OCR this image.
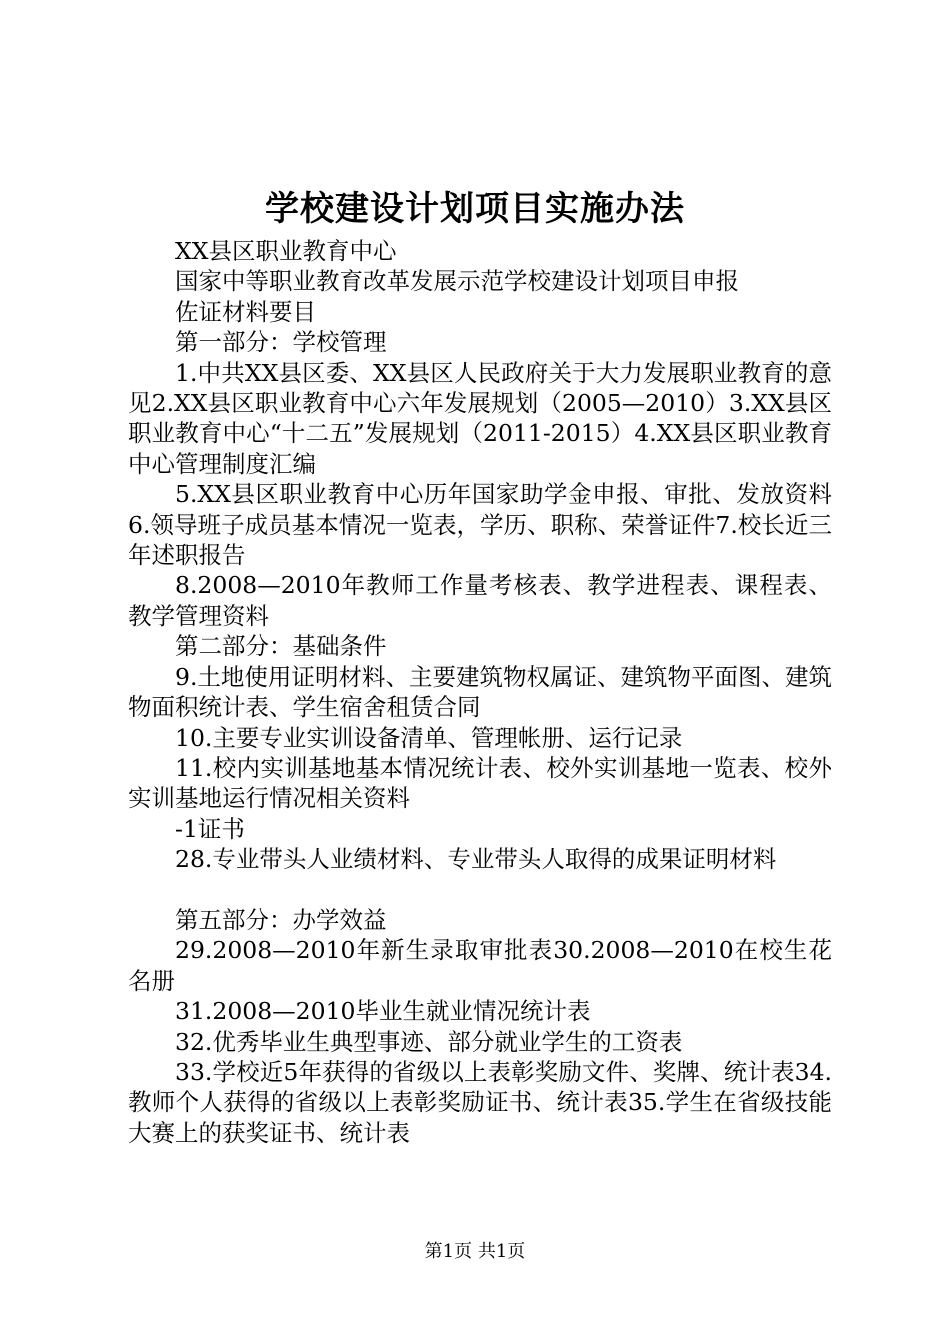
学校建设计划项目实施办法

XX县区职业教育中心

国家中等职业教育改革发展示范学校建设计划项目申报

佐证材料要目

第一部分：学校管理

1.中共XX县区委、XX县区人民政府关于大力发展职业教育的意见2.XX县区职业教育中心六年发展规划（2005—2010）3.XX县区职业教育中心“十二五”发展规划（2011-2015）4.XX县区职业教育中心管理制度汇编

5.XX县区职业教育中心历年国家助学金申报、审批、发放资料6.领导班子成员基本情况一览表，学历、职称、荣誉证件7.校长近三年述职报告

8.2008—2010年教师工作量考核表、教学进程表、课程表、教学管理资料

第二部分：基础条件

9.土地使用证明材料、主要建筑物权属证、建筑物平面图、建筑物面积统计表、学生宿舍租赁合同

10.主要专业实训设备清单、管理帐册、运行记录

11.校内实训基地基本情况统计表、校外实训基地一览表、校外实训基地运行情况相关资料

-1证书

28.专业带头人业绩材料、专业带头人取得的成果证明材料

第五部分：办学效益

29.2008—2010年新生录取审批表30.2008—2010在校生花名册

31.2008—2010毕业生就业情况统计表

32.优秀毕业生典型事迹、部分就业学生的工资表

33.学校近5年获得的省级以上表彰奖励文件、奖牌、统计表34.教师个人获得的省级以上表彰奖励证书、统计表35.学生在省级技能大赛上的获奖证书、统计表

第1页 共1页
